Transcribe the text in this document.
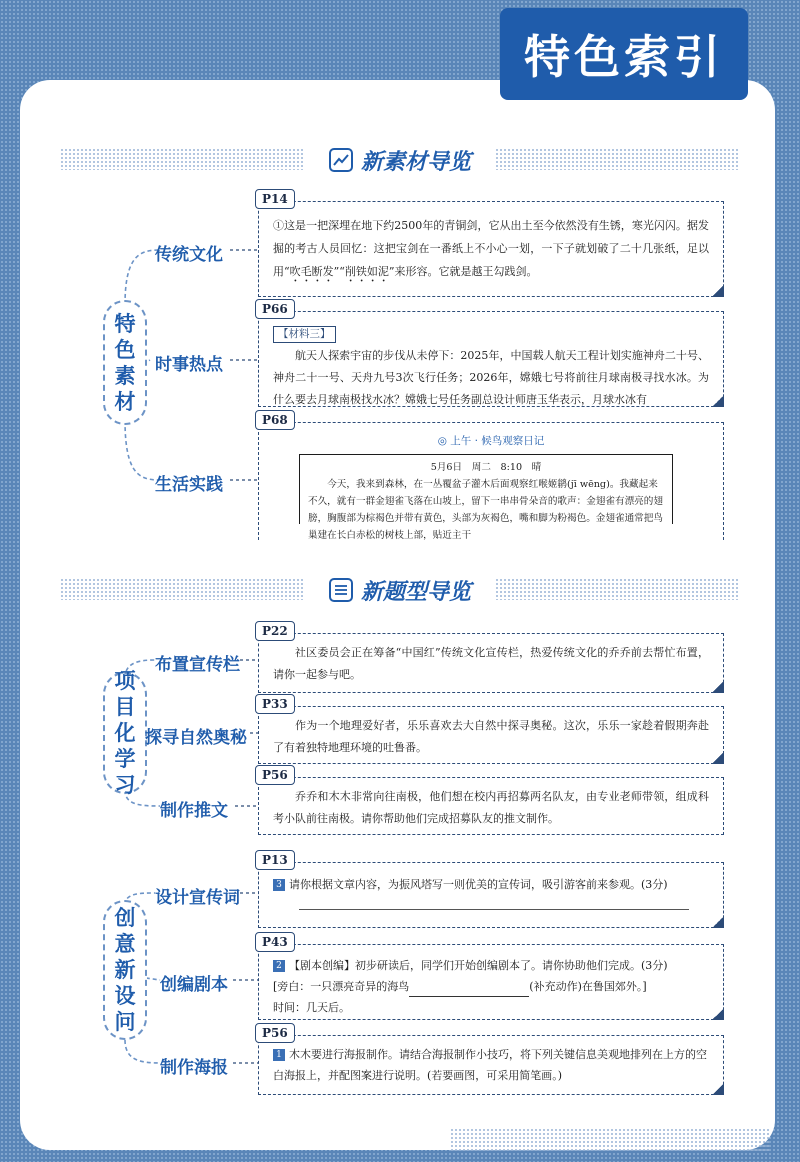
特色索引
新素材导览
特
色
素
材
传统文化
时事热点
生活实践
P14
①这是一把深埋在地下约2500年的青铜剑，它从出土至今依然没有生锈，寒光闪闪。据发掘的考古人员回忆：这把宝剑在一番纸上不小心一划，一下子就划破了二十几张纸，足以用“吹毛断发”“削铁如泥”来形容。它就是越王勾践剑。
P66
【材料三】

航天人探索宇宙的步伐从未停下：2025年，中国载人航天工程计划实施神舟二十号、神舟二十一号、天舟九号3次飞行任务；2026年，嫦娥七号将前往月球南极寻找水冰。为什么要去月球南极找水冰？嫦娥七号任务副总设计师唐玉华表示，月球水冰有
P68
◎ 上午 · 候鸟观察日记
5月6日　周二　8:10　晴
今天，我来到森林，在一丛覆盆子灌木后面观察红喉姬鹟(jī wēng)。我藏起来不久，就有一群金翅雀飞落在山坡上，留下一串串骨朵音的歌声：金翅雀有漂亮的翅膀，胸腹部为棕褐色并带有黄色，头部为灰褐色，嘴和脚为粉褐色。金翅雀通常把鸟巢建在长白赤松的树枝上部，贴近主干
新题型导览
项
目
化
学
习
布置宣传栏
探寻自然奥秘
制作推文
P22
社区委员会正在筹备“中国红”传统文化宣传栏，热爱传统文化的乔乔前去帮忙布置，请你一起参与吧。
P33
作为一个地理爱好者，乐乐喜欢去大自然中探寻奥秘。这次，乐乐一家趁着假期奔赴了有着独特地理环境的吐鲁番。
P56
乔乔和木木非常向往南极，他们想在校内再招募两名队友，由专业老师带领，组成科考小队前往南极。请你帮助他们完成招募队友的推文制作。
创
意
新
设
问
设计宣传词
创编剧本
制作海报
P13
3 请你根据文章内容，为振风塔写一则优美的宣传词，吸引游客前来参观。(3分)
P43
2 【剧本创编】初步研读后，同学们开始创编剧本了。请你协助他们完成。(3分)
[旁白：一只漂亮奇异的海鸟	(补充动作)在鲁国郊外。]
时间：几天后。
P56
1 木木要进行海报制作。请结合海报制作小技巧，将下列关键信息美观地排列在上方的空白海报上，并配图案进行说明。(若要画图，可采用简笔画。)
